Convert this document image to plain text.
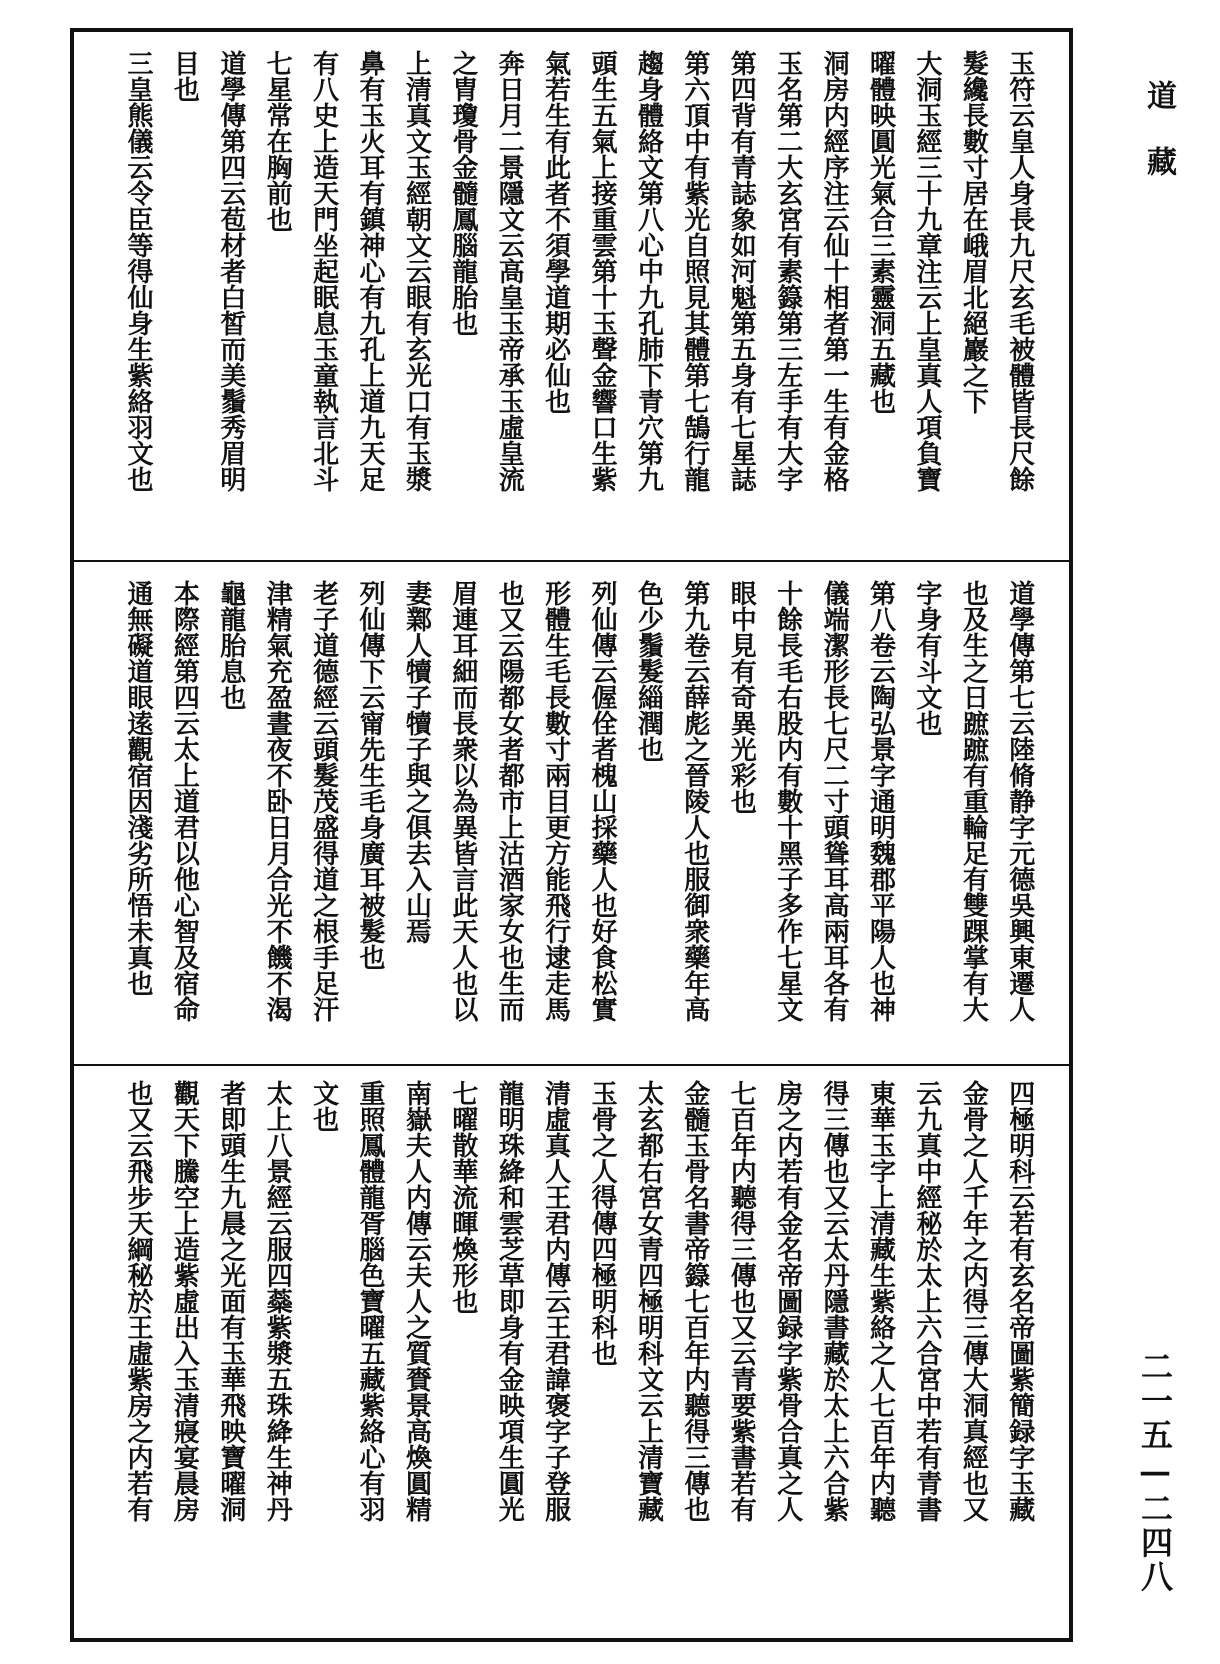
玉符云皇人身長九尺玄毛被體皆長尺餘
髮纔長數寸居在峨眉北絕巖之下
大洞玉經三十九章注云上皇真人項負寶
曜體映圓光氣合三素靈洞五藏也
洞房内經序注云仙十相者第一生有金格
玉名第二大玄宮有素籙第三左手有大字
第四背有青誌象如河魁第五身有七星誌
第六頂中有紫光自照見其體第七鵠行龍
趨身體絡文第八心中九孔肺下青穴第九
頭生五氣上接重雲第十玉聲金響口生紫
氣若生有此者不須學道期必仙也
奔日月二景隱文云高皇玉帝承玉虛皇流
之胄瓊骨金髓鳳腦龍胎也
上清真文玉經朝文云眼有玄光口有玉漿
鼻有玉火耳有鎮神心有九孔上道九天足
有八史上造天門坐起眠息玉童執言北斗
七星常在胸前也
道學傳第四云苞材者白皙而美鬚秀眉明
目也
三皇熊儀云令臣等得仙身生紫絡羽文也
道學傳第七云陸脩静字元德吳興東遷人
也及生之日蹠蹠有重輪足有雙踝掌有大
字身有斗文也
第八卷云陶弘景字通明魏郡平陽人也神
儀端潔形長七尺二寸頭聳耳高兩耳各有
十餘長毛右股内有數十黑子多作七星文
眼中見有奇異光彩也
第九卷云薛彪之晉陵人也服御衆藥年高
色少鬚髮緇潤也
列仙傳云偓佺者槐山採藥人也好食松實
形體生毛長數寸兩目更方能飛行逮走馬
也又云陽都女者都市上沽酒家女也生而
眉連耳細而長衆以為異皆言此天人也以
妻鄴人犢子犢子與之俱去入山焉
列仙傳下云甯先生毛身廣耳被髮也
老子道德經云頭髮茂盛得道之根手足汗
津精氣充盈晝夜不卧日月合光不饑不渴
龜龍胎息也
本際經第四云太上道君以他心智及宿命
通無礙道眼逺觀宿因淺劣所悟未真也
四極明科云若有玄名帝圖紫簡録字玉藏
金骨之人千年之内得三傳大洞真經也又
云九真中經秘於太上六合宮中若有青書
東華玉字上清藏生紫絡之人七百年内聽
得三傳也又云太丹隱書藏於太上六合紫
房之内若有金名帝圖録字紫骨合真之人
七百年内聽得三傳也又云青要紫書若有
金髓玉骨名書帝籙七百年内聽得三傳也
太玄都右宮女青四極明科文云上清寶藏
玉骨之人得傳四極明科也
清虛真人王君内傳云王君諱褒字子登服
龍明珠絳和雲芝草即身有金映項生圓光
七曜散華流暉煥形也
南嶽夫人内傳云夫人之質賚景高煥圓精
重照鳳體龍胥腦色寶曜五藏紫絡心有羽
文也
太上八景經云服四蘂紫漿五珠絳生神丹
者即頭生九晨之光面有玉華飛映寶曜洞
觀天下騰空上造紫虛出入玉清寢宴晨房
也又云飛步天綱秘於王虛紫房之内若有
道藏
二一五—二四八
